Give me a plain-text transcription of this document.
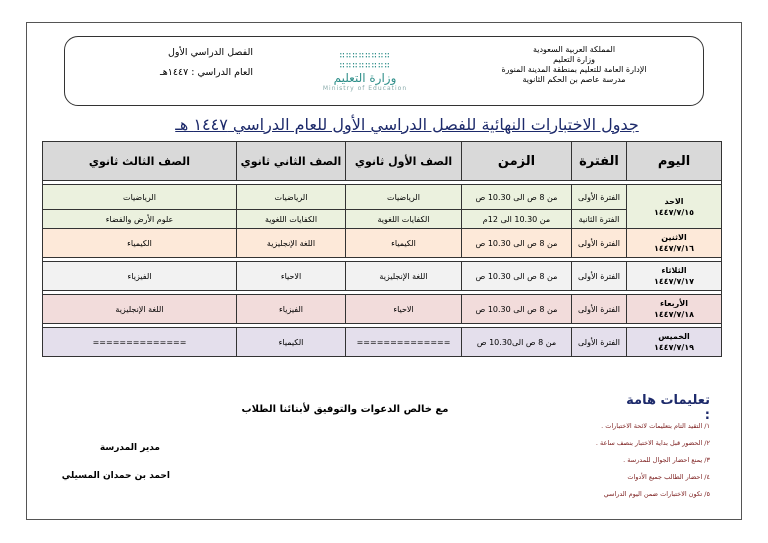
المملكة العربية السعودية
وزارة التعليم
الإدارة العامة للتعليم بمنطقة المدينة المنورة
مدرسة عاصم بن الحكم الثانوية
∷∷∷∷∷∷∷∷
∷∷∷∷∷∷∷∷
وزارة التعليم
Ministry of Education
الفصل الدراسي الأول
العام الدراسي : ١٤٤٧هـ
جدول الاختبارات النهائية للفصل الدراسي الأول للعام الدراسي ١٤٤٧ هـ
اليوم	الفترة	الزمن	الصف الأول ثانوي	الصف الثاني ثانوي	الصف الثالث ثانوي

الاحد
١٤٤٧/٧/١٥	الفترة الأولى	من 8 ص الى 10.30 ص	الرياضيات	الرياضيات	الرياضيات
	الفترة الثانية	من 10.30 الى 12م	الكفايات اللغوية	الكفايات اللغوية	علوم الأرض والفضاء

الاثنين
١٤٤٧/٧/١٦	الفترة الأولى	من 8 ص الى 10.30 ص	الكيمياء	اللغة الإنجليزية	الكيمياء

الثلاثاء
١٤٤٧/٧/١٧	الفترة الأولى	من 8 ص الى 10.30 ص	اللغة الإنجليزية	الاحياء	الفيزياء

الأربعاء
١٤٤٧/٧/١٨	الفترة الأولى	من 8 ص الى 10.30 ص	الاحياء	الفيزياء	اللغة الإنجليزية

الخميس
١٤٤٧/٧/١٩	الفترة الأولى	من 8 ص الى10.30 ص	==============	الكيمياء	==============
تعليمات هامة :
١/ التقيد التام بتعليمات لائحة الاختبارات .
٢/ الحضور قبل بداية الاختبار بنصف ساعة .
٣/ يمنع احضار الجوال للمدرسة .
٤/ احضار الطالب جميع الأدوات
٥/ تكون الاختبارات ضمن اليوم الدراسي
مع خالص الدعوات والتوفيق لأبنائنا الطلاب
مدير المدرسة
احمد بن حمدان المسيلي
